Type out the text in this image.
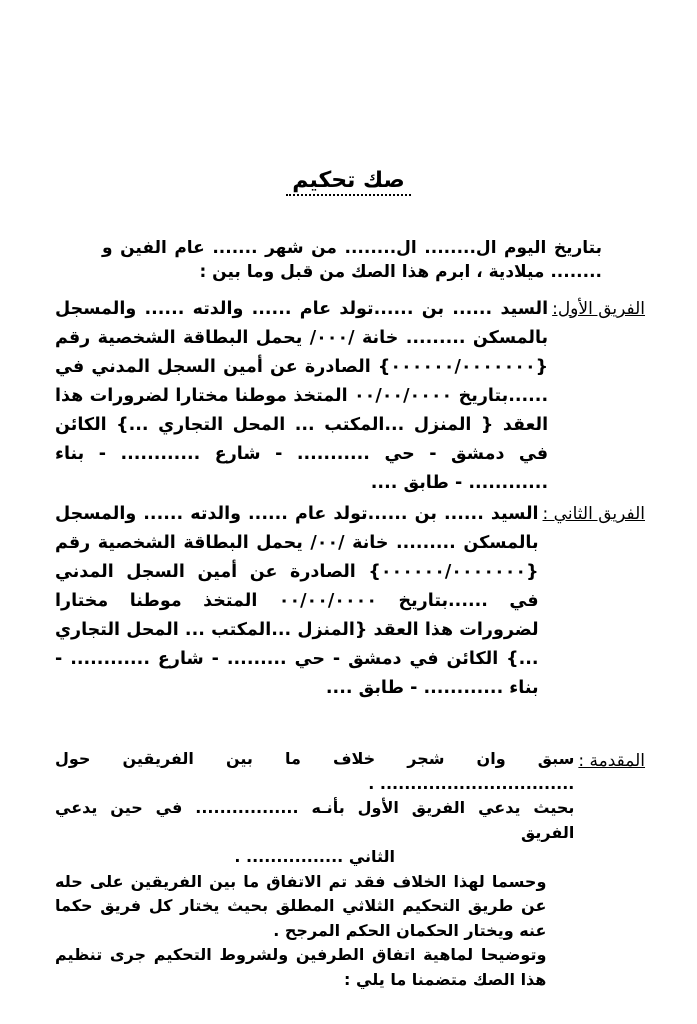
صك تحكيم
بتاريخ اليوم ال........ ال........ من شهر ....... عام الفين و ........ ميلادية ، ابرم هذا الصك من قبل وما بين :
الفريق الأول:
السيد ...... بن ......تولد عام ...... والدته ...... والمسجل بالمسكن ......... خانة /٠٠٠/ يحمل البطاقة الشخصية رقم {٠٠٠٠٠٠/٠٠٠٠٠٠٠} الصادرة عن أمين السجل المدني في ......بتاريخ ٠٠/٠٠/٠٠٠٠ المتخذ موطنا مختارا لضرورات هذا العقد { المنزل ...المكتب ... المحل التجاري ...} الكائن في دمشق - حي ........... - شارع ............ - بناء ............ - طابق ....
الفريق الثاني :
السيد ...... بن ......تولد عام ...... والدته ...... والمسجل بالمسكن ......... خانة /٠٠/ يحمل البطاقة الشخصية رقم {٠٠٠٠٠٠/٠٠٠٠٠٠٠} الصادرة عن أمين السجل المدني في ......بتاريخ ٠٠/٠٠/٠٠٠٠ المتخذ موطنا مختارا لضرورات هذا العقد {المنزل ...المكتب ... المحل التجاري ...} الكائن في دمشق - حي ......... - شارع ............ - بناء ............ - طابق ....
المقدمة :

سبق وان شجر خلاف ما بين الفريقين حول ................................ .

بحيث يدعي الفريق الأول بأنـه ................. في حين يدعي الفريق

الثاني ................ .

وحسما لهذا الخلاف فقد تم الاتفاق ما بين الفريقين على حله عن طريق التحكيم الثلاثي المطلق بحيث يختار كل فريق حكما عنه ويختار الحكمان الحكم المرجح .

وتوضيحا لماهية اتفاق الطرفين ولشروط التحكيم جرى تنظيم هذا الصك متضمنا ما يلي :
